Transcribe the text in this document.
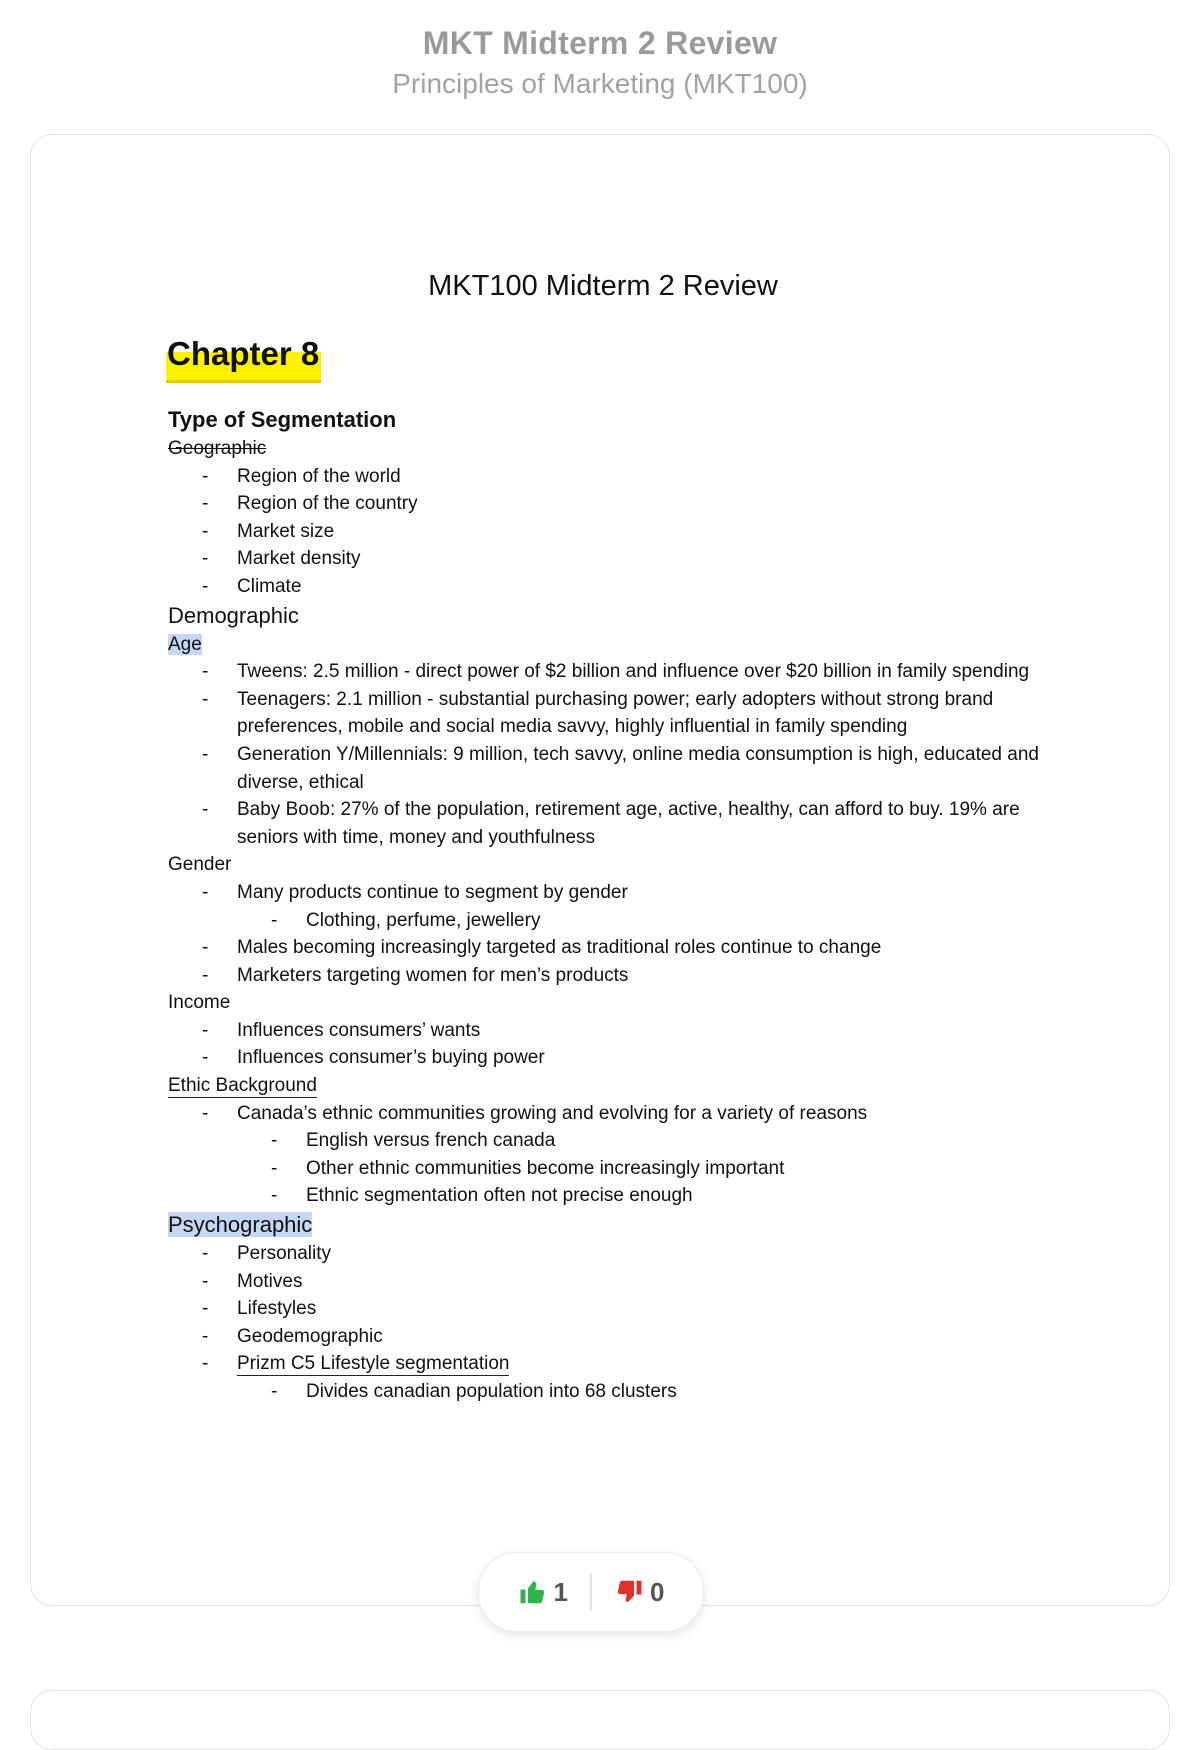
MKT Midterm 2 Review
Principles of Marketing (MKT100)
MKT100 Midterm 2 Review
Chapter 8
Type of Segmentation
Geographic
- Region of the world
- Region of the country
- Market size
- Market density
- Climate
Demographic
Age
- Tweens: 2.5 million - direct power of $2 billion and influence over $20 billion in family spending
- Teenagers: 2.1 million - substantial purchasing power; early adopters without strong brand preferences, mobile and social media savvy, highly influential in family spending
- Generation Y/Millennials: 9 million, tech savvy, online media consumption is high, educated and diverse, ethical
- Baby Boob: 27% of the population, retirement age, active, healthy, can afford to buy. 19% are seniors with time, money and youthfulness
Gender
- Many products continue to segment by gender
- Clothing, perfume, jewellery
- Males becoming increasingly targeted as traditional roles continue to change
- Marketers targeting women for men’s products
Income
- Influences consumers’ wants
- Influences consumer’s buying power
Ethic Background
- Canada’s ethnic communities growing and evolving for a variety of reasons
- English versus french canada
- Other ethnic communities become increasingly important
- Ethnic segmentation often not precise enough
Psychographic
- Personality
- Motives
- Lifestyles
- Geodemographic
- Prizm C5 Lifestyle segmentation
- Divides canadian population into 68 clusters
1	0
